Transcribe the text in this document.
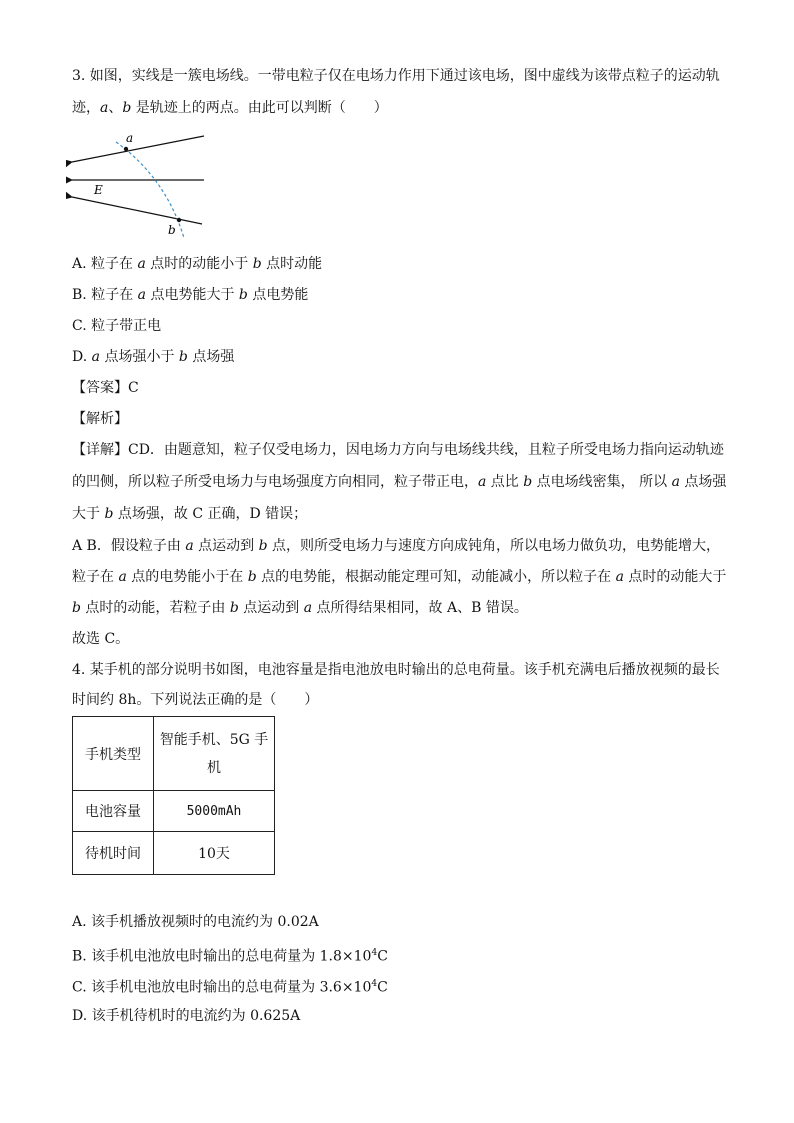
3. 如图，实线是一簇电场线。一带电粒子仅在电场力作用下通过该电场，图中虚线为该带点粒子的运动轨
迹，a、b 是轨迹上的两点。由此可以判断（　　）
a
b
E
A. 粒子在 a 点时的动能小于 b 点时动能
B. 粒子在 a 点电势能大于 b 点电势能
C. 粒子带正电
D. a 点场强小于 b 点场强
【答案】C
【解析】
【详解】CD．由题意知，粒子仅受电场力，因电场力方向与电场线共线，且粒子所受电场力指向运动轨迹
的凹侧，所以粒子所受电场力与电场强度方向相同，粒子带正电，a 点比 b 点电场线密集， 所以 a 点场强
大于 b 点场强，故 C 正确，D 错误；
A B．假设粒子由 a 点运动到 b 点，则所受电场力与速度方向成钝角，所以电场力做负功，电势能增大，
粒子在 a 点的电势能小于在 b 点的电势能，根据动能定理可知，动能减小，所以粒子在 a 点时的动能大于
b 点时的动能，若粒子由 b 点运动到 a 点所得结果相同，故 A、B 错误。
故选 C。
4. 某手机的部分说明书如图，电池容量是指电池放电时输出的总电荷量。该手机充满电后播放视频的最长
时间约 8h。下列说法正确的是（　　）
手机类型	智能手机、5G 手
机

电池容量	5000mAh
待机时间	10天
A. 该手机播放视频时的电流约为 0.02A
B. 该手机电池放电时输出的总电荷量为 $1.8\times 10^4C$
C. 该手机电池放电时输出的总电荷量为 $3.6\times 10^4C$
D. 该手机待机时的电流约为 0.625A
